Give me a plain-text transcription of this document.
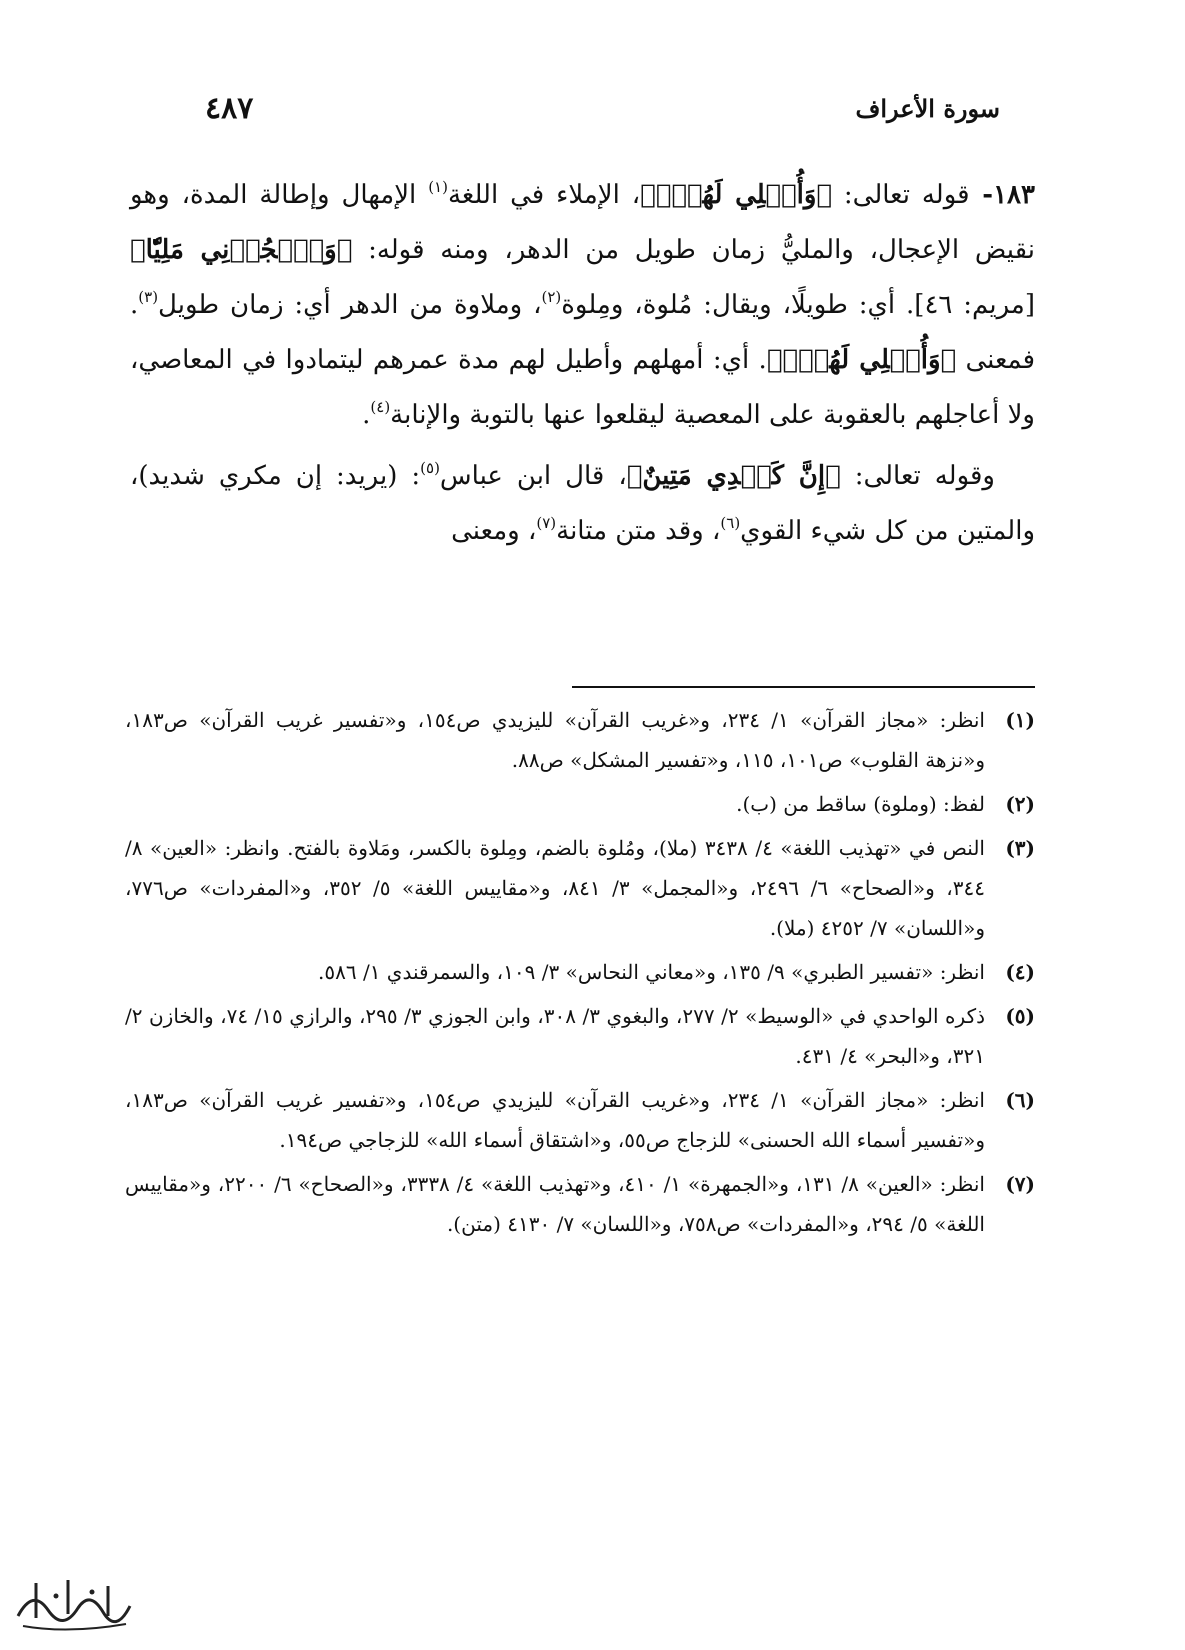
سورة الأعراف
٤٨٧

١٨٣- قوله تعالى: ﴿وَأُمۡلِي لَهُمۡۚ﴾، الإملاء في اللغة$^{(١)}$ الإمهال وإطالة المدة، وهو نقيض الإعجال، والمليُّ زمان طويل من الدهر، ومنه قوله: ﴿وَٱهۡجُرۡنِي مَلِيّٗا﴾ [مريم: ٤٦]. أي: طويلًا، ويقال: مُلوة، ومِلوة$^{(٢)}$، وملاوة من الدهر أي: زمان طويل$^{(٣)}$. فمعنى ﴿وَأُمۡلِي لَهُمۡۚ﴾. أي: أمهلهم وأطيل لهم مدة عمرهم ليتمادوا في المعاصي، ولا أعاجلهم بالعقوبة على المعصية ليقلعوا عنها بالتوبة والإنابة$^{(٤)}$.

وقوله تعالى: ﴿إِنَّ كَيۡدِي مَتِينٌ﴾، قال ابن عباس$^{(٥)}$: (يريد: إن مكري شديد)، والمتين من كل شيء القوي$^{(٦)}$، وقد متن متانة$^{(٧)}$، ومعنى

(١)
انظر: «مجاز القرآن» ١/ ٢٣٤، و«غريب القرآن» لليزيدي ص١٥٤، و«تفسير غريب القرآن» ص١٨٣، و«نزهة القلوب» ص١٠١، ١١٥، و«تفسير المشكل» ص٨٨.
(٢)
لفظ: (وملوة) ساقط من (ب).
(٣)
النص في «تهذيب اللغة» ٤/ ٣٤٣٨ (ملا)، ومُلوة بالضم، ومِلوة بالكسر، ومَلاوة بالفتح. وانظر: «العين» ٨/ ٣٤٤، و«الصحاح» ٦/ ٢٤٩٦، و«المجمل» ٣/ ٨٤١، و«مقاييس اللغة» ٥/ ٣٥٢، و«المفردات» ص٧٧٦، و«اللسان» ٧/ ٤٢٥٢ (ملا).
(٤)
انظر: «تفسير الطبري» ٩/ ١٣٥، و«معاني النحاس» ٣/ ١٠٩، والسمرقندي ١/ ٥٨٦.
(٥)
ذكره الواحدي في «الوسيط» ٢/ ٢٧٧، والبغوي ٣/ ٣٠٨، وابن الجوزي ٣/ ٢٩٥، والرازي ١٥/ ٧٤، والخازن ٢/ ٣٢١، و«البحر» ٤/ ٤٣١.
(٦)
انظر: «مجاز القرآن» ١/ ٢٣٤، و«غريب القرآن» لليزيدي ص١٥٤، و«تفسير غريب القرآن» ص١٨٣، و«تفسير أسماء الله الحسنى» للزجاج ص٥٥، و«اشتقاق أسماء الله» للزجاجي ص١٩٤.
(٧)
انظر: «العين» ٨/ ١٣١، و«الجمهرة» ١/ ٤١٠، و«تهذيب اللغة» ٤/ ٣٣٣٨، و«الصحاح» ٦/ ٢٢٠٠، و«مقاييس اللغة» ٥/ ٢٩٤، و«المفردات» ص٧٥٨، و«اللسان» ٧/ ٤١٣٠ (متن).
